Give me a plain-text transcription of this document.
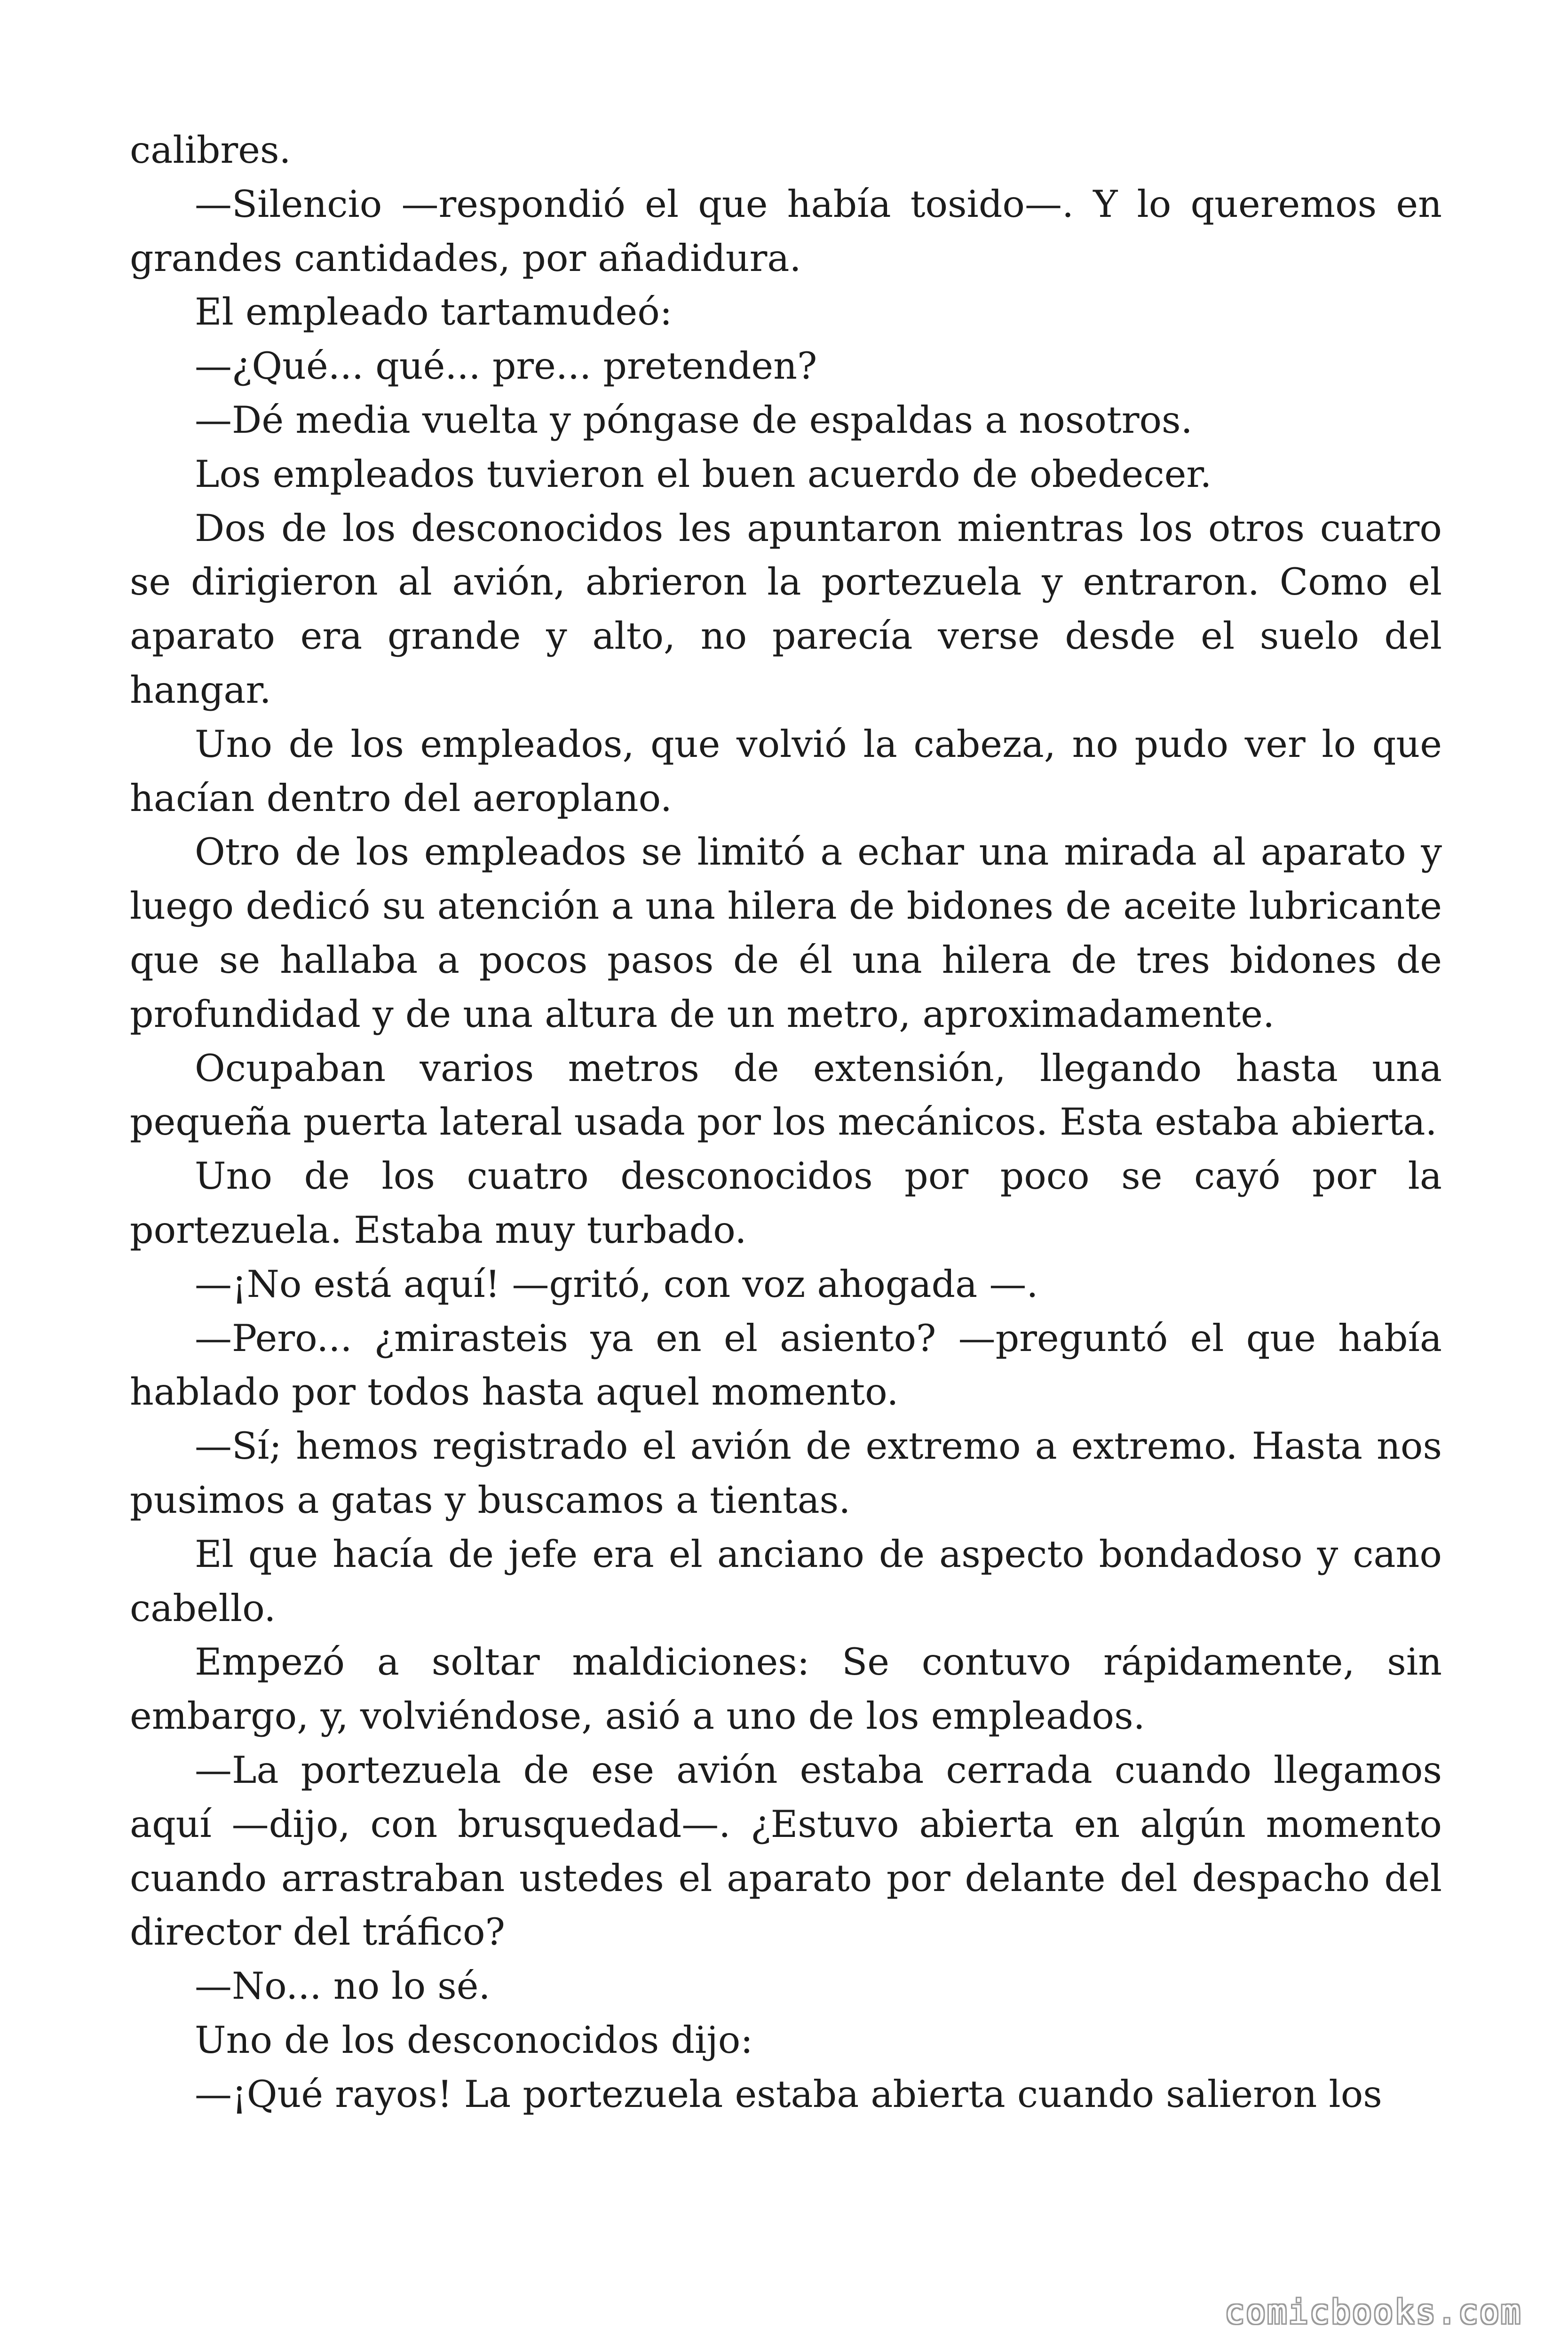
calibres.

—Silencio —respondió el que había tosido—. Y lo queremos en grandes cantidades, por añadidura.

El empleado tartamudeó:

—¿Qué... qué... pre... pretenden?

—Dé media vuelta y póngase de espaldas a nosotros.

Los empleados tuvieron el buen acuerdo de obedecer.

Dos de los desconocidos les apuntaron mientras los otros cuatro se dirigieron al avión, abrieron la portezuela y entraron. Como el aparato era grande y alto, no parecía verse desde el suelo del hangar.

Uno de los empleados, que volvió la cabeza, no pudo ver lo que hacían dentro del aeroplano.

Otro de los empleados se limitó a echar una mirada al aparato y luego dedicó su atención a una hilera de bidones de aceite lubricante que se hallaba a pocos pasos de él una hilera de tres bidones de profundidad y de una altura de un metro, aproximadamente.

Ocupaban varios metros de extensión, llegando hasta una pequeña puerta lateral usada por los mecánicos. Esta estaba abierta.

Uno de los cuatro desconocidos por poco se cayó por la portezuela. Estaba muy turbado.

—¡No está aquí! —gritó, con voz ahogada —.

—Pero... ¿mirasteis ya en el asiento? —preguntó el que había hablado por todos hasta aquel momento.

—Sí; hemos registrado el avión de extremo a extremo. Hasta nos pusimos a gatas y buscamos a tientas.

El que hacía de jefe era el anciano de aspecto bondadoso y cano cabello.

Empezó a soltar maldiciones: Se contuvo rápidamente, sin embargo, y, volviéndose, asió a uno de los empleados.

—La portezuela de ese avión estaba cerrada cuando llegamos aquí —dijo, con brusquedad—. ¿Estuvo abierta en algún momento cuando arrastraban ustedes el aparato por delante del despacho del director del tráfico?

—No... no lo sé.

Uno de los desconocidos dijo:

—¡Qué rayos! La portezuela estaba abierta cuando salieron los

comicbooks.com
